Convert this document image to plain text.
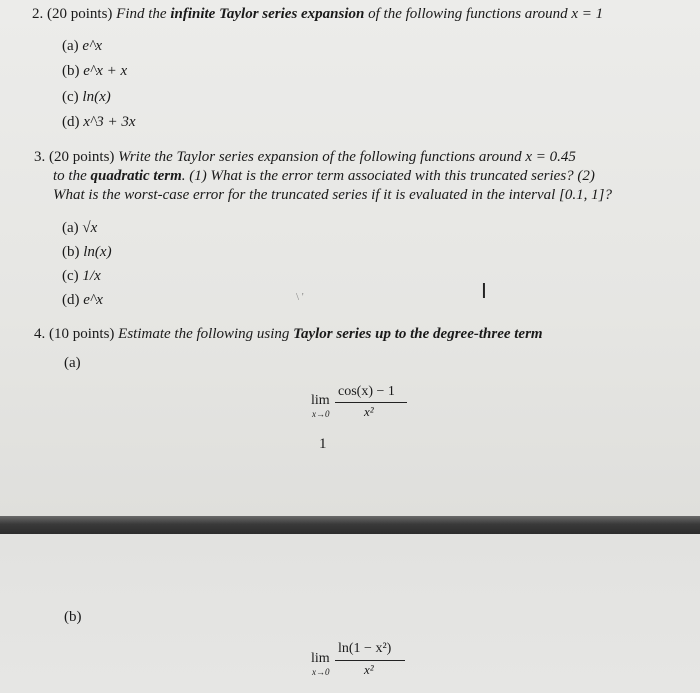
2. (20 points) Find the infinite Taylor series expansion of the following functions around x = 1
(a) e^x
(b) e^x + x
(c) ln(x)
(d) x^3 + 3x
3. (20 points) Write the Taylor series expansion of the following functions around x = 0.45
to the quadratic term. (1) What is the error term associated with this truncated series? (2)
What is the worst-case error for the truncated series if it is evaluated in the interval [0.1, 1]?
(a) √x
(b) ln(x)
(c) 1/x
(d) e^x	I
\ '
4. (10 points) Estimate the following using Taylor series up to the degree-three term
(a)
lim
x→0
cos(x) − 1
x²
1
(b)
lim
x→0
ln(1 − x²)
x²
